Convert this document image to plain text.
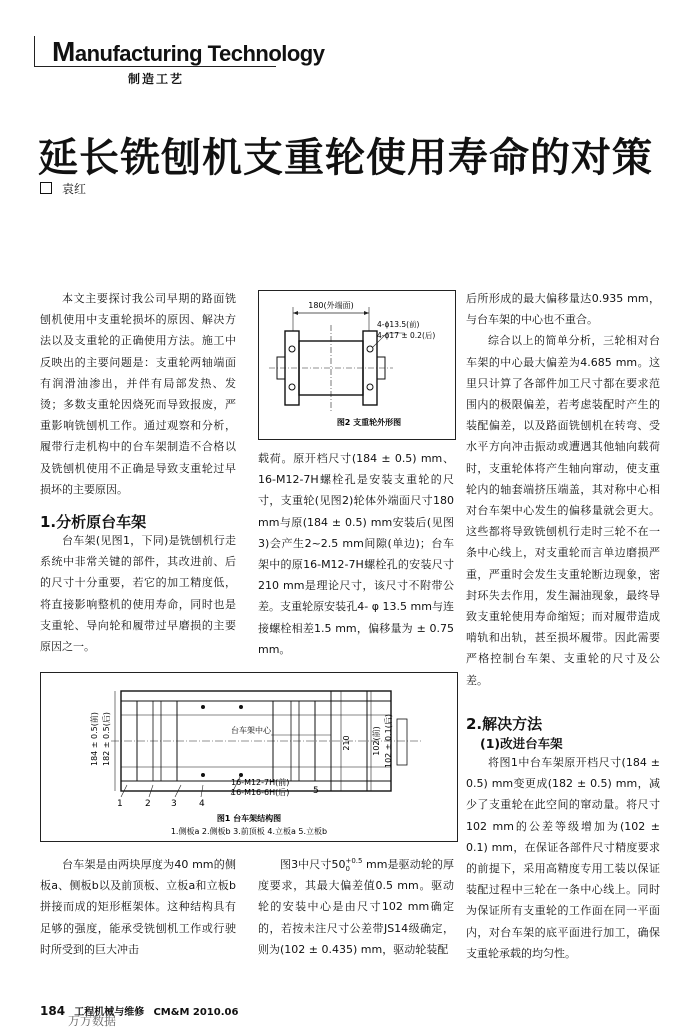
Manufacturing Technology
制造工艺
延长铣刨机支重轮使用寿命的对策
袁红

本文主要探讨我公司早期的路面铣刨机使用中支重轮损坏的原因、解决方法以及支重轮的正确使用方法。施工中反映出的主要问题是：支重轮两轴端面有润滑油渗出，并伴有局部发热、发烫；多数支重轮因烧死而导致报废，严重影响铣刨机工作。通过观察和分析，履带行走机构中的台车架制造不合格以及铣刨机使用不正确是导致支重轮过早损坏的主要原因。

1.分析原台车架

台车架(见图1，下同)是铣刨机行走系统中非常关键的部件，其改进前、后的尺寸十分重要，若它的加工精度低，将直接影响整机的使用寿命，同时也是支重轮、导向轮和履带过早磨损的主要原因之一。

180(外端面)
4-ϕ13.5(前)
4-ϕ17 ± 0.2(后)
图2 支重轮外形图

载荷。原开档尺寸(184 ± 0.5) mm、16-M12-7H螺栓孔是安装支重轮的尺寸，支重轮(见图2)轮体外端面尺寸180 mm与原(184 ± 0.5) mm安装后(见图3)会产生2~2.5 mm间隙(单边)；台车架中的原16-M12-7H螺栓孔的安装尺寸210 mm是理论尺寸，该尺寸不附带公差。支重轮原安装孔4- φ 13.5 mm与连接螺栓相差1.5 mm，偏移量为 ± 0.75 mm。

184 ± 0.5(前) 182 ± 0.5(后)	台车架中心
210	102(前) 102 ± 0.1(后)
1 2 3 4
16-M12-7H(前)
16-M16-6H(后)	5
图1 台车架结构图
1.侧板a 2.侧板b 3.前顶板 4.立板a 5.立板b

后所形成的最大偏移量达0.935 mm，与台车架的中心也不重合。

综合以上的简单分析，三轮相对台车架的中心最大偏差为4.685 mm。这里只计算了各部件加工尺寸都在要求范围内的极限偏差，若考虑装配时产生的装配偏差，以及路面铣刨机在转弯、受水平方向冲击振动或遭遇其他轴向载荷时，支重轮体将产生轴向窜动，使支重轮内的轴套端挤压端盖，其对称中心相对台车架中心发生的偏移量就会更大。这些都将导致铣刨机行走时三轮不在一条中心线上，对支重轮而言单边磨损严重，严重时会发生支重轮断边现象，密封环失去作用，发生漏油现象，最终导致支重轮使用寿命缩短；而对履带造成啃轨和出轨，甚至损坏履带。因此需要严格控制台车架、支重轮的尺寸及公差。

2.解决方法
(1)改进台车架

将图1中台车架原开档尺寸(184 ± 0.5) mm变更成(182 ± 0.5) mm，减少了支重轮在此空间的窜动量。将尺寸102 mm的公差等级增加为(102 ± 0.1) mm，在保证各部件尺寸精度要求的前提下，采用高精度专用工装以保证装配过程中三轮在一条中心线上。同时为保证所有支重轮的工作面在同一平面内，对台车架的底平面进行加工，确保支重轮承载的均匀性。

台车架是由两块厚度为40 mm的侧板a、侧板b以及前顶板、立板a和立板b拼接而成的矩形框架体。这种结构具有足够的强度，能承受铣刨机工作或行驶时所受到的巨大冲击

图3中尺寸50 +0.5
0	mm是驱动轮的厚度要求，其最大偏差值0.5 mm。驱动轮的安装中心是由尺寸102 mm确定的，若按未注尺寸公差带JS14级确定，则为(102 ± 0.435) mm，驱动轮装配

184 工程机械与维修 CM&M 2010.06
万方数据
